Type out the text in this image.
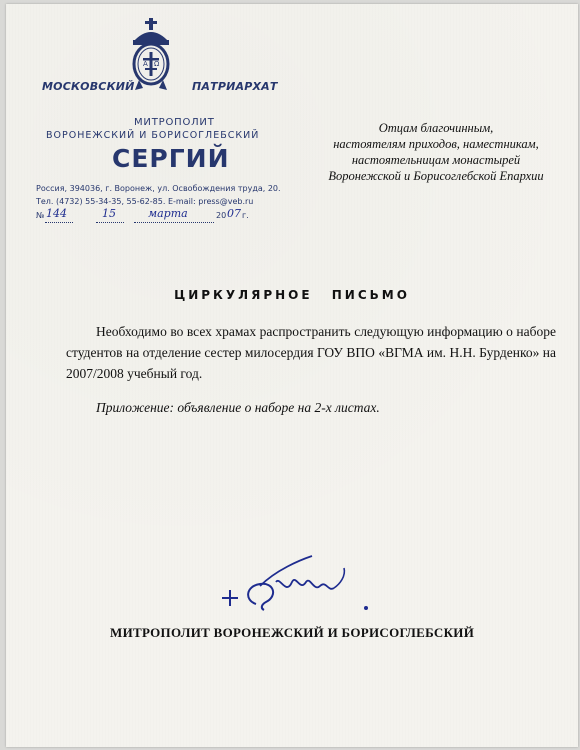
А Ω
МОСКОВСКИЙ	ПАТРИАРХАТ
МИТРОПОЛИТ
ВОРОНЕЖСКИЙ И БОРИСОГЛЕБСКИЙ
СЕРГИЙ
Россия, 394036, г. Воронеж, ул. Освобождения труда, 20.
Тел. (4732) 55-34-35, 55-62-85. E-mail: press@veb.ru
№ 144	15	марта	20 07 г.
Отцам благочинным,
настоятелям приходов, наместникам,
настоятельницам монастырей
Воронежской и Борисоглебской Епархии
ЦИРКУЛЯРНОЕ ПИСЬМО
Необходимо во всех храмах распространить следующую информацию о наборе студентов на отделение сестер милосердия ГОУ ВПО «ВГМА им. Н.Н. Бурденко» на 2007/2008 учебный год.
Приложение: объявление о наборе на 2-х листах.
МИТРОПОЛИТ ВОРОНЕЖСКИЙ И БОРИСОГЛЕБСКИЙ
